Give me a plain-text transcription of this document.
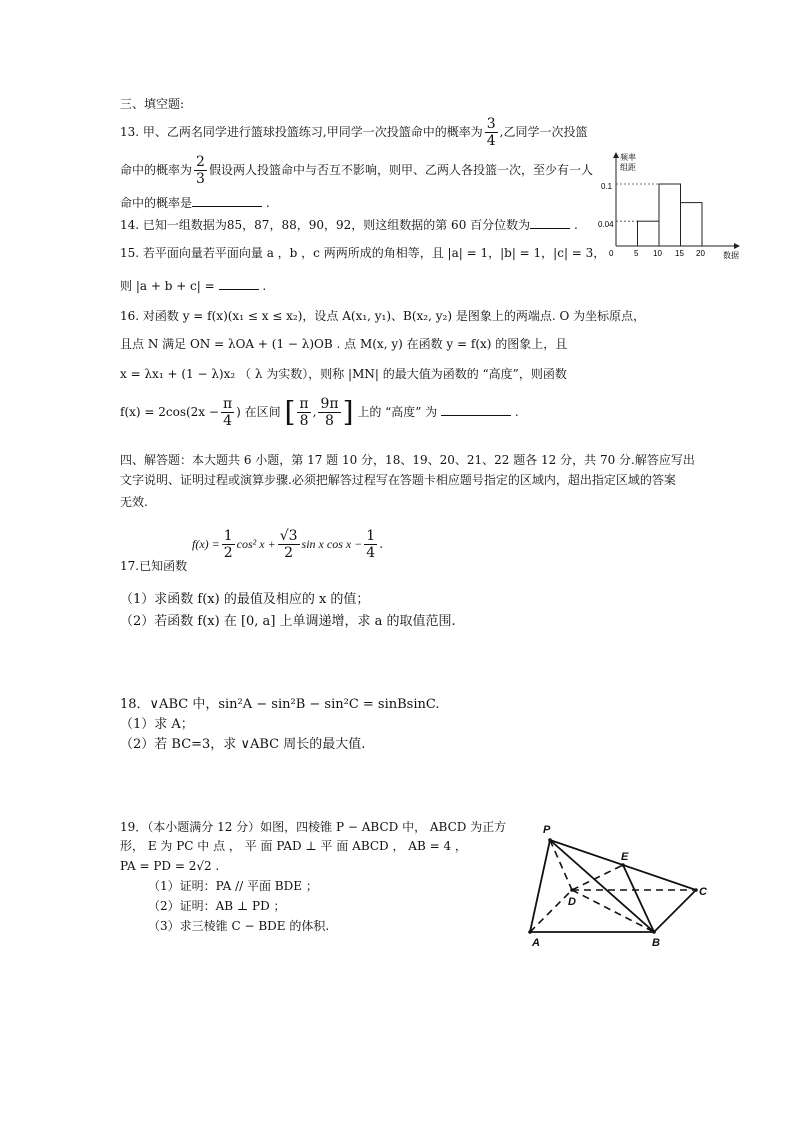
三、填空题:
13. 甲、乙两名同学进行篮球投篮练习,甲同学一次投篮命中的概率为 $\frac{3}{4}$ ,乙同学一次投篮
命中的概率为 $\frac{2}{3}$ 假设两人投篮命中与否互不影响，则甲、乙两人各投篮一次，至少有一人
命中的概率是	.
14. 已知一组数据为85，87，88，90，92，则这组数据的第 60 百分位数为	.
15. 若平面向量若平面向量 a ，b ，c 两两所成的角相等，且 |a| = 1，|b| = 1，|c| = 3，
则 |a + b + c| =	.
16. 对函数 y = f(x)(x₁ ≤ x ≤ x₂)，设点 A(x₁, y₁)、B(x₂, y₂) 是图象上的两端点. O 为坐标原点，
且点 N 满足 ON = λOA + (1 − λ)OB . 点 M(x, y) 在函数 y = f(x) 的图象上，且
x = λx₁ + (1 − λ)x₂ （ λ 为实数），则称 |MN| 的最大值为函数的 “高度”，则函数
$f(x) = 2\cos(2x - \frac{\pi}{4}$ ) 在区间 [ $\frac{\pi}{8}$ , $\frac{9\pi}{8}$ ] 上的 “高度” 为	.
四、解答题：本大题共 6 小题，第 17 题 10 分，18、19、20、21、22 题各 12 分，共 70 分.解答应写出
文字说明、证明过程或演算步骤.必须把解答过程写在答题卡相应题号指定的区域内，超出指定区域的答案
无效.
$f(x) = \frac{1}{2} \cos^2$ $x + \frac{√3}{2}$ sin x $\cos x - \frac{1}{4}$ .
17.已知函数
（1）求函数 f(x) 的最值及相应的 x 的值；
（2）若函数 f(x) 在 [0, a] 上单调递增，求 a 的取值范围.
18．∨ABC 中，sin²A − sin²B − sin²C = sinBsinC.
（1）求 A；
（2）若 BC=3，求 ∨ABC 周长的最大值.
19．（本小题满分 12 分）如图，四棱锥 P − ABCD 中， ABCD 为正方
形， E 为 PC 中 点 ， 平 面 PAD ⊥ 平 面 ABCD ， AB = 4 ，
PA = PD = 2√2 .
（1）证明：PA // 平面 BDE ；
（2）证明：AB ⊥ PD ；
（3）求三棱锥 C − BDE 的体积.
频率
组距
数据
0
0.1
0.04
5 10 15 20
P
E
D
C
A	B
